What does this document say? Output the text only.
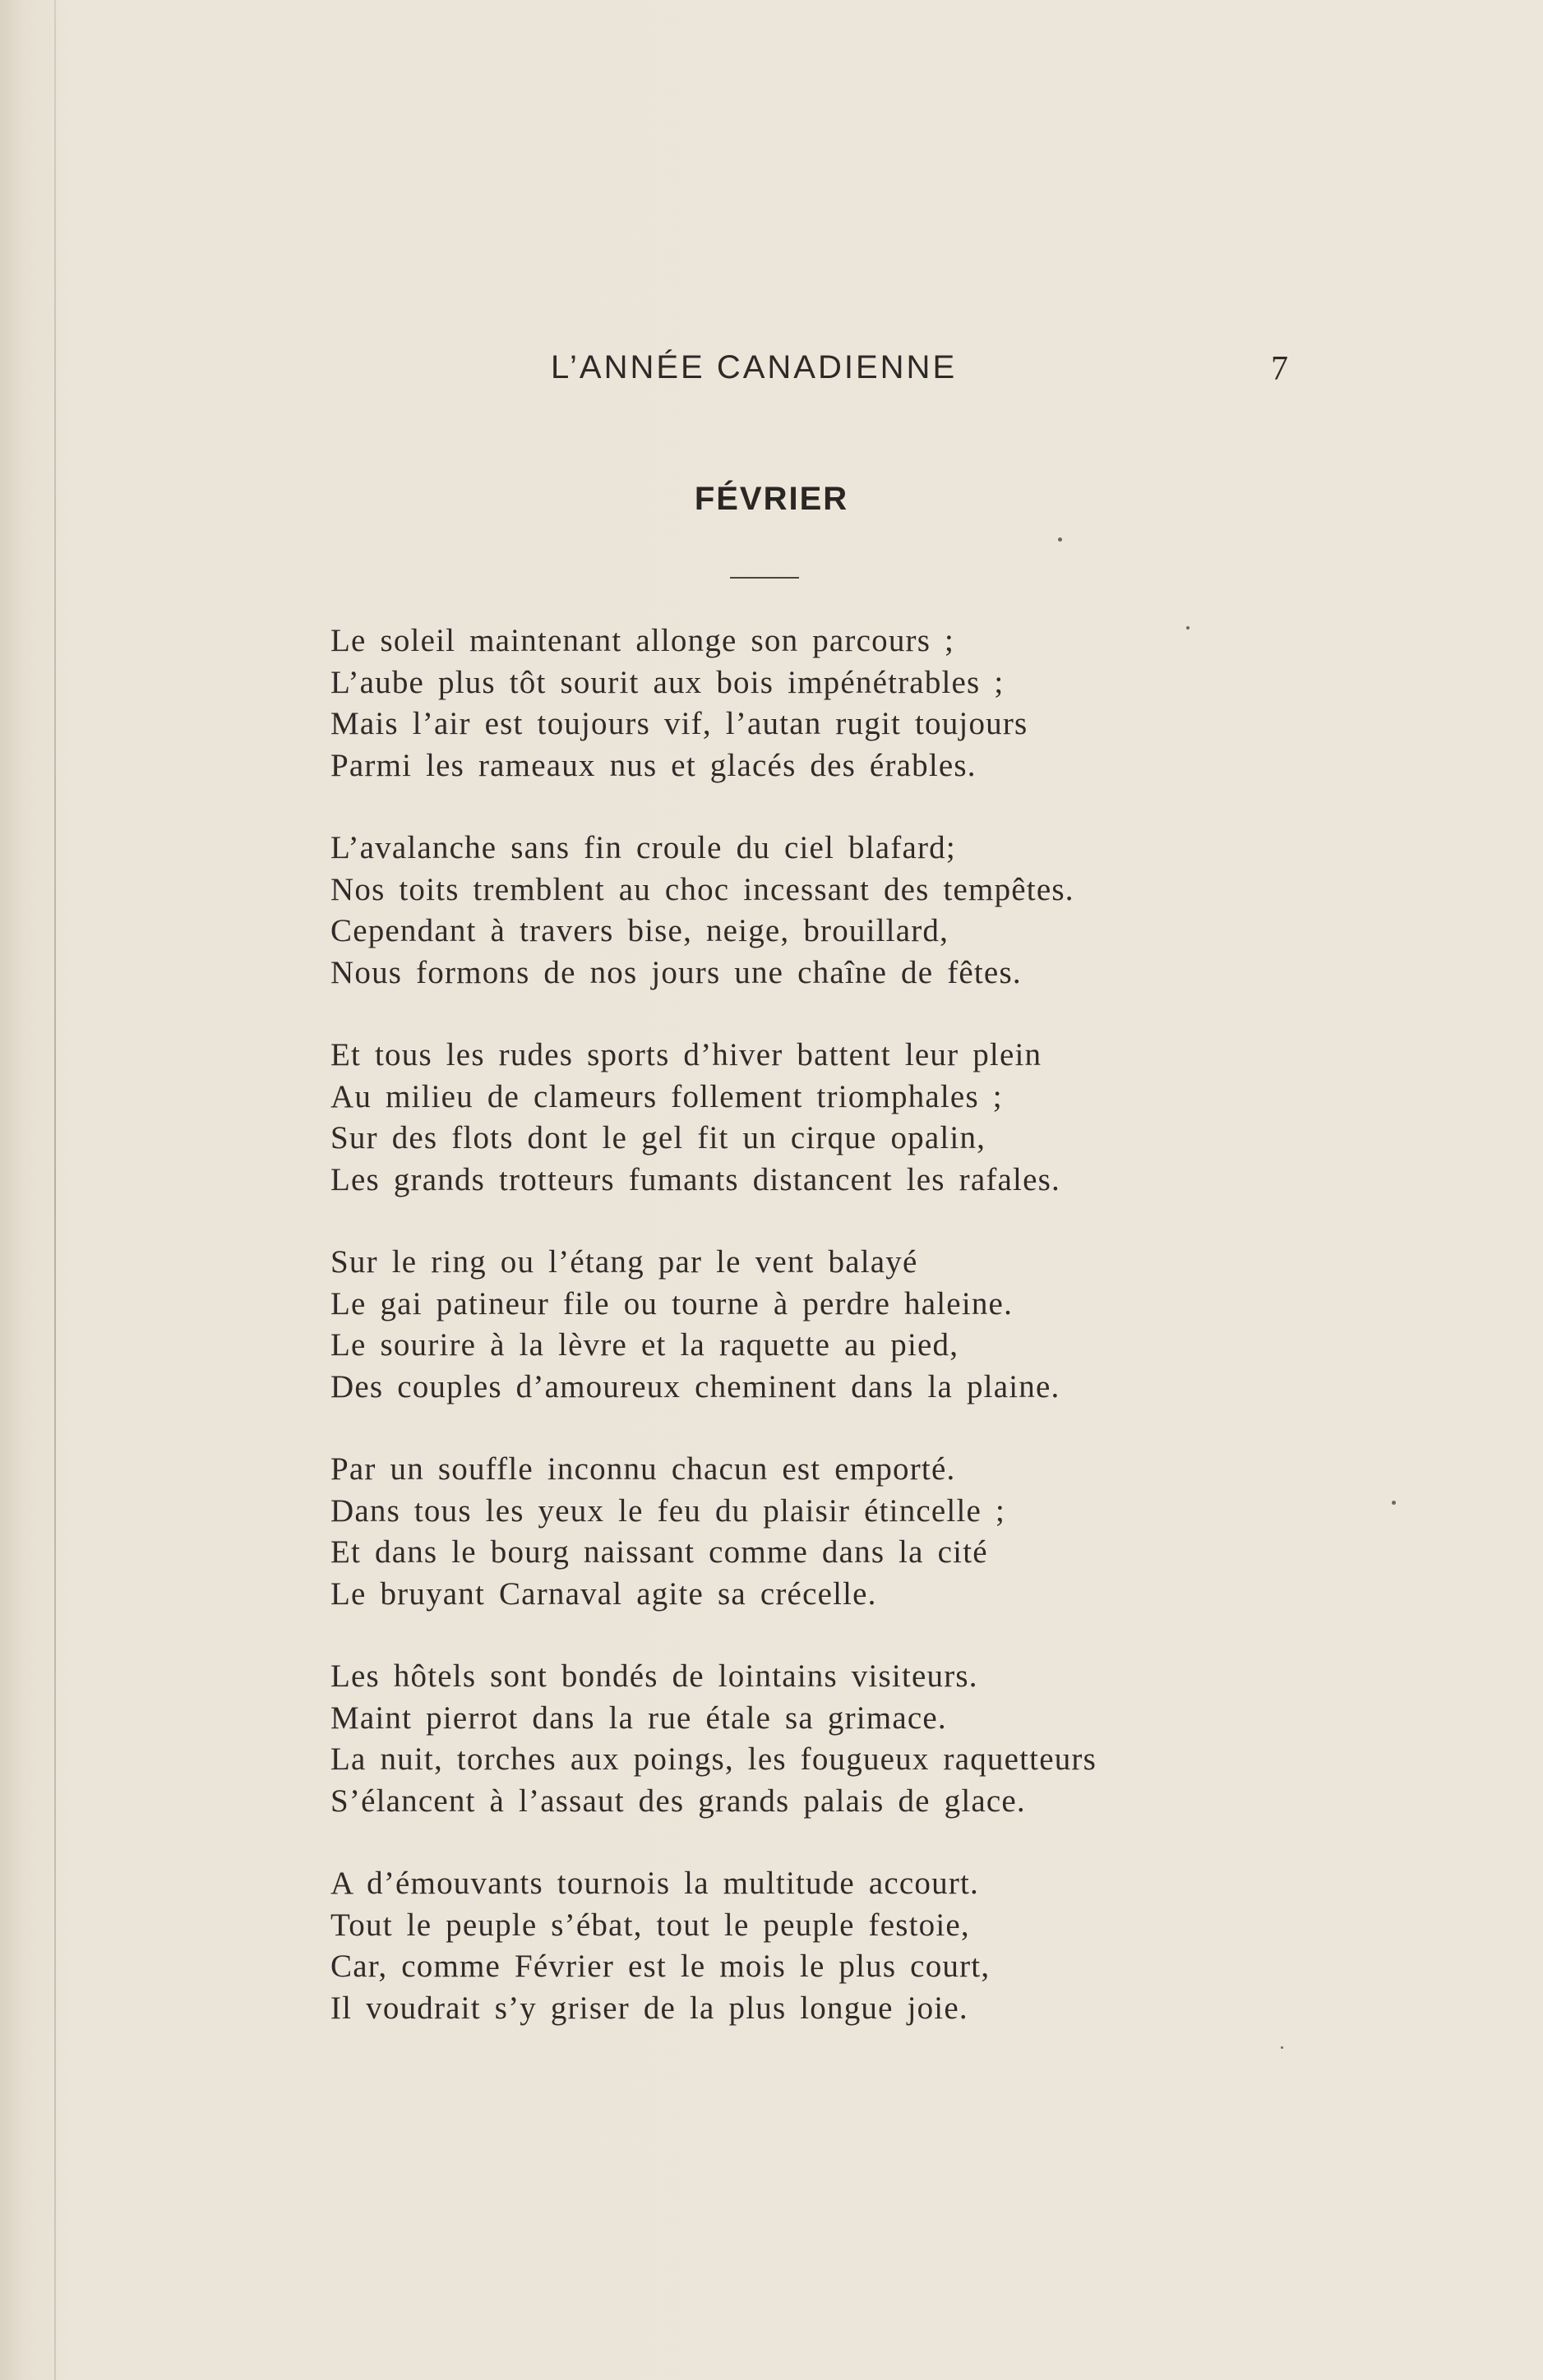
L’ANNÉE CANADIENNE	7
FÉVRIER
Le soleil maintenant allonge son parcours ;
L’aube plus tôt sourit aux bois impénétrables ;
Mais l’air est toujours vif, l’autan rugit toujours
Parmi les rameaux nus et glacés des érables.
L’avalanche sans fin croule du ciel blafard;
Nos toits tremblent au choc incessant des tempêtes.
Cependant à travers bise, neige, brouillard,
Nous formons de nos jours une chaîne de fêtes.
Et tous les rudes sports d’hiver battent leur plein
Au milieu de clameurs follement triomphales ;
Sur des flots dont le gel fit un cirque opalin,
Les grands trotteurs fumants distancent les rafales.
Sur le ring ou l’étang par le vent balayé
Le gai patineur file ou tourne à perdre haleine.
Le sourire à la lèvre et la raquette au pied,
Des couples d’amoureux cheminent dans la plaine.
Par un souffle inconnu chacun est emporté.
Dans tous les yeux le feu du plaisir étincelle ;
Et dans le bourg naissant comme dans la cité
Le bruyant Carnaval agite sa crécelle.
Les hôtels sont bondés de lointains visiteurs.
Maint pierrot dans la rue étale sa grimace.
La nuit, torches aux poings, les fougueux raquetteurs
S’élancent à l’assaut des grands palais de glace.
A d’émouvants tournois la multitude accourt.
Tout le peuple s’ébat, tout le peuple festoie,
Car, comme Février est le mois le plus court,
Il voudrait s’y griser de la plus longue joie.
